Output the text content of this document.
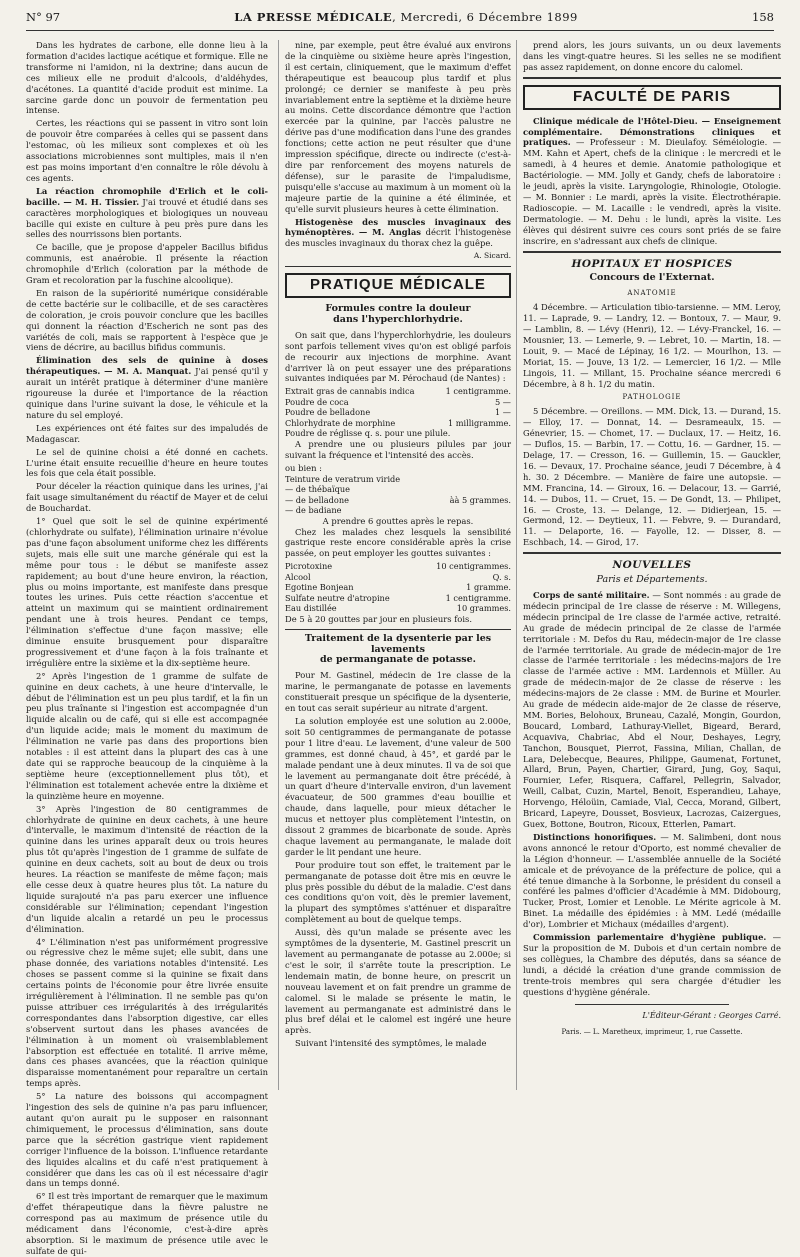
N° 97	LA PRESSE MÉDICALE, Mercredi, 6 Décembre 1899	158

Dans les hydrates de carbone, elle donne lieu à la formation d'acides lactique acétique et formique. Elle ne transforme ni l'amidon, ni la dextrine; dans aucun de ces milieux elle ne produit d'alcools, d'aldéhydes, d'acétones. La quantité d'acide produit est minime. La sarcine garde donc un pouvoir de fermentation peu intense.

Certes, les réactions qui se passent in vitro sont loin de pouvoir être comparées à celles qui se passent dans l'estomac, où les milieux sont complexes et où les associations microbiennes sont multiples, mais il n'en est pas moins important d'en connaître le rôle dévolu à ces agents.

La réaction chromophile d'Erlich et le coli-bacille. — M. H. Tissier. J'ai trouvé et étudié dans ses caractères morphologiques et biologiques un nouveau bacille qui existe en culture à peu près pure dans les selles des nourrissons bien portants.

Ce bacille, que je propose d'appeler Bacillus bifidus communis, est anaérobie. Il présente la réaction chromophile d'Erlich (coloration par la méthode de Gram et recoloration par la fuschine alcoolique).

En raison de la supériorité numérique considérable de cette bactérie sur le colibacille, et de ses caractères de coloration, je crois pouvoir conclure que les bacilles qui donnent la réaction d'Escherich ne sont pas des variétés de coli, mais se rapportent à l'espèce que je viens de décrire, au bacillus bifidus communis.

Élimination des sels de quinine à doses thérapeutiques. — M. A. Manquat. J'ai pensé qu'il y aurait un intérêt pratique à déterminer d'une manière rigoureuse la durée et l'importance de la réaction quinique dans l'urine suivant la dose, le véhicule et la nature du sel employé.

Les expériences ont été faites sur des impaludés de Madagascar.

Le sel de quinine choisi a été donné en cachets. L'urine était ensuite recueillie d'heure en heure toutes les fois que cela était possible.

Pour déceler la réaction quinique dans les urines, j'ai fait usage simultanément du réactif de Mayer et de celui de Bouchardat.

1° Quel que soit le sel de quinine expérimenté (chlorhydrate ou sulfate), l'élimination urinaire n'évolue pas d'une façon absolument uniforme chez les différents sujets, mais elle suit une marche générale qui est la même pour tous : le début se manifeste assez rapidement; au bout d'une heure environ, la réaction, plus ou moins importante, est manifeste dans presque toutes les urines. Puis cette réaction s'accentue et atteint un maximum qui se maintient ordinairement pendant une à trois heures. Pendant ce temps, l'élimination s'effectue d'une façon massive; elle diminue ensuite brusquement pour disparaître progressivement et d'une façon à la fois traînante et irrégulière entre la sixième et la dix-septième heure.

2° Après l'ingestion de 1 gramme de sulfate de quinine en deux cachets, à une heure d'intervalle, le début de l'élimination est un peu plus tardif, et la fin un peu plus traînante si l'ingestion est accompagnée d'un liquide alcalin ou de café, qui si elle est accompagnée d'un liquide acide; mais le moment du maximum de l'élimination ne varie pas dans des proportions bien notables : il est atteint dans la plupart des cas à une date qui se rapproche beaucoup de la cinquième à la septième heure (exceptionnellement plus tôt), et l'élimination est totalement achevée entre la dixième et la quinzième heure en moyenne.

3° Après l'ingestion de 80 centigrammes de chlorhydrate de quinine en deux cachets, à une heure d'intervalle, le maximum d'intensité de réaction de la quinine dans les urines apparaît deux ou trois heures plus tôt qu'après l'ingestion de 1 gramme de sulfate de quinine en deux cachets, soit au bout de deux ou trois heures. La réaction se manifeste de même façon; mais elle cesse deux à quatre heures plus tôt. La nature du liquide surajouté n'a pas paru exercer une influence considérable sur l'élimination; cependant l'ingestion d'un liquide alcalin a retardé un peu le processus d'élimination.

4° L'élimination n'est pas uniformément progressive ou régressive chez le même sujet; elle subit, dans une phase donnée, des variations notables d'intensité. Les choses se passent comme si la quinine se fixait dans certains points de l'économie pour être livrée ensuite irrégulièrement à l'élimination. Il ne semble pas qu'on puisse attribuer ces irrégularités à des irrégularités correspondantes dans l'absorption digestive, car elles s'observent surtout dans les phases avancées de l'élimination à un moment où vraisemblablement l'absorption est effectuée en totalité. Il arrive même, dans ces phases avancées, que la réaction quinique disparaisse momentanément pour reparaître un certain temps après.

5° La nature des boissons qui accompagnent l'ingestion des sels de quinine n'a pas paru influencer, autant qu'on aurait pu le supposer en raisonnant chimiquement, le processus d'élimination, sans doute parce que la sécrétion gastrique vient rapidement corriger l'influence de la boisson. L'influence retardante des liquides alcalins et du café n'est pratiquement à considérer que dans les cas où il est nécessaire d'agir dans un temps donné.

6° Il est très important de remarquer que le maximum d'effet thérapeutique dans la fièvre palustre ne correspond pas au maximum de présence utile du médicament dans l'économie, c'est-à-dire après absorption. Si le maximum de présence utile avec le sulfate de qui-

nine, par exemple, peut être évalué aux environs de la cinquième ou sixième heure après l'ingestion, il est certain, cliniquement, que le maximum d'effet thérapeutique est beaucoup plus tardif et plus prolongé; ce dernier se manifeste à peu près invariablement entre la septième et la dixième heure au moins. Cette discordance démontre que l'action exercée par la quinine, par l'accès palustre ne dérive pas d'une modification dans l'une des grandes fonctions; cette action ne peut résulter que d'une impression spécifique, directe ou indirecte (c'est-à-dire par renforcement des moyens naturels de défense), sur le parasite de l'impaludisme, puisqu'elle s'accuse au maximum à un moment où la majeure partie de la quinine a été éliminée, et qu'elle survit plusieurs heures à cette élimination.

Histogenèse des muscles invaginaux des hyménoptères. — M. Anglas décrit l'histogenèse des muscles invaginaux du thorax chez la guêpe.

A. Sicard.
PRATIQUE MÉDICALE
Formules contre la douleur
dans l'hyperchlorhydrie.

On sait que, dans l'hyperchlorhydrie, les douleurs sont parfois tellement vives qu'on est obligé parfois de recourir aux injections de morphine. Avant d'arriver là on peut essayer une des préparations suivantes indiquées par M. Pérochaud (de Nantes) :

Extrait gras de cannabis indica	1 centigramme.
Poudre de coca	5 —
Poudre de belladone	1 —
Chlorhydrate de morphine	1 milligramme.
Poudre de réglisse q. s. pour une pilule.

A prendre une ou plusieurs pilules par jour suivant la fréquence et l'intensité des accès.

ou bien :
Teinture de veratrum viride
— de thébaïque
— de belladone	àà 5 grammes.
— de badiane
A prendre 6 gouttes après le repas.

Chez les malades chez lesquels la sensibilité gastrique reste encore considérable après la crise passée, on peut employer les gouttes suivantes :

Picrotoxine	10 centigrammes.
Alcool	Q. s.
Egotine Bonjean	1 gramme.
Sulfate neutre d'atropine	1 centigramme.
Eau distillée	10 grammes.
De 5 à 20 gouttes par jour en plusieurs fois.
Traitement de la dysenterie par les lavements
de permanganate de potasse.

Pour M. Gastinel, médecin de 1re classe de la marine, le permanganate de potasse en lavements constituerait presque un spécifique de la dysenterie, en tout cas serait supérieur au nitrate d'argent.

La solution employée est une solution au 2.000e, soit 50 centigrammes de permanganate de potasse pour 1 litre d'eau. Le lavement, d'une valeur de 500 grammes, est donné chaud, à 45°, et gardé par le malade pendant une à deux minutes. Il va de soi que le lavement au permanganate doit être précédé, à un quart d'heure d'intervalle environ, d'un lavement évacuateur, de 500 grammes d'eau bouillie et chaude, dans laquelle, pour mieux détacher le mucus et nettoyer plus complètement l'intestin, on dissout 2 grammes de bicarbonate de soude. Après chaque lavement au permanganate, le malade doit garder le lit pendant une heure.

Pour produire tout son effet, le traitement par le permanganate de potasse doit être mis en œuvre le plus près possible du début de la maladie. C'est dans ces conditions qu'on voit, dès le premier lavement, la plupart des symptômes s'atténuer et disparaître complètement au bout de quelque temps.

Aussi, dès qu'un malade se présente avec les symptômes de la dysenterie, M. Gastinel prescrit un lavement au permanganate de potasse au 2.000e; si c'est le soir, il s'arrête toute la prescription. Le lendemain matin, de bonne heure, on prescrit un nouveau lavement et on fait prendre un gramme de calomel. Si le malade se présente le matin, le lavement au permanganate est administré dans le plus bref délai et le calomel est ingéré une heure après.

Suivant l'intensité des symptômes, le malade

prend alors, les jours suivants, un ou deux lavements dans les vingt-quatre heures. Si les selles ne se modifient pas assez rapidement, on donne encore du calomel.

FACULTÉ DE PARIS

Clinique médicale de l'Hôtel-Dieu. — Enseignement complémentaire. Démonstrations cliniques et pratiques. — Professeur : M. Dieulafoy. Séméiologie. — MM. Kahn et Apert, chefs de la clinique : le mercredi et le samedi, à 4 heures et demie. Anatomie pathologique et Bactériologie. — MM. Jolly et Gandy, chefs de laboratoire : le jeudi, après la visite. Laryngologie, Rhinologie, Otologie. — M. Bonnier : Le mardi, après la visite. Électrothérapie. Radioscopie. — M. Lacaille : le vendredi, après la visite. Dermatologie. — M. Dehu : le lundi, après la visite. Les élèves qui désirent suivre ces cours sont priés de se faire inscrire, en s'adressant aux chefs de clinique.

HOPITAUX ET HOSPICES
Concours de l'Externat.
ANATOMIE

4 Décembre. — Articulation tibio-tarsienne. — MM. Leroy, 11. — Laprade, 9. — Landry, 12. — Bontoux, 7. — Maur, 9. — Lamblin, 8. — Lévy (Henri), 12. — Lévy-Franckel, 16. — Mousnier, 13. — Lemerle, 9. — Lebret, 10. — Martin, 18. — Louit, 9. — Macé de Lépinay, 16 1/2. — Mourlhon, 13. — Moriat, 15. — Jouve, 13 1/2. — Lemercier, 16 1/2. — Mlle Lingois, 11. — Millant, 15. Prochaine séance mercredi 6 Décembre, à 8 h. 1/2 du matin.

PATHOLOGIE

5 Décembre. — Oreillons. — MM. Dick, 13. — Durand, 15. — Elloy, 17. — Donnat, 14. — Desrameaulx, 15. — Génevrier, 15. — Chomet, 17. — Duclaux, 17. — Heitz, 16. — Duflos, 15. — Barbin, 17. — Cottu, 16. — Gardner, 15. — Delage, 17. — Cresson, 16. — Guillemin, 15. — Gauckler, 16. — Devaux, 17. Prochaine séance, jeudi 7 Décembre, à 4 h. 30. 2 Décembre. — Manière de faire une autopsie. — MM. Francina, 14. — Giroux, 16. — Delacour, 13. — Garrié, 14. — Dubos, 11. — Cruet, 15. — De Gondt, 13. — Philipet, 16. — Croste, 13. — Delange, 12. — Didierjean, 15. — Germond, 12. — Deytieux, 11. — Febvre, 9. — Durandard, 11. — Delaporte, 16. — Fayolle, 12. — Disser, 8. — Eschbach, 14. — Girod, 17.

NOUVELLES
Paris et Départements.

Corps de santé militaire. — Sont nommés : au grade de médecin principal de 1re classe de réserve : M. Willegens, médecin principal de 1re classe de l'armée active, retraité. Au grade de médecin principal de 2e classe de l'armée territoriale : M. Defos du Rau, médecin-major de 1re classe de l'armée territoriale. Au grade de médecin-major de 1re classe de l'armée territoriale : les médecins-majors de 1re classe de l'armée active : MM. Lardennois et Müller. Au grade de médecin-major de 2e classe de réserve : les médecins-majors de 2e classe : MM. de Burine et Mourler. Au grade de médecin aide-major de 2e classe de réserve, MM. Bories, Belohoux, Bruneau, Cazalé, Mongin, Gourdon, Boucard, Lombard, Lathuray-Viellet, Bigeard, Berard, Acquaviva, Chabriac, Abd el Nour, Deshayes, Legry, Tanchon, Bousquet, Pierrot, Fassina, Milian, Challan, de Lara, Delebecque, Beaures, Philippe, Gaumenat, Fortunet, Allard, Brun, Payen, Chartier, Girard, Jung, Goy, Saqui, Fournier, Lefer, Risquera, Caffarel, Pellegrin, Salvador, Weill, Calbat, Cuzin, Martel, Benoit, Esperandieu, Lahaye, Horvengo, Héloüin, Camiade, Vial, Cecca, Morand, Gilbert, Bricard, Lapeyre, Dousset, Bosvieux, Lacrozas, Caizergues, Guex, Bottone, Boutron, Ricoux, Etterlen, Pamart.

Distinctions honorifiques. — M. Salimbeni, dont nous avons annoncé le retour d'Oporto, est nommé chevalier de la Légion d'honneur. — L'assemblée annuelle de la Société amicale et de prévoyance de la préfecture de police, qui a été tenue dimanche à la Sorbonne, le président du conseil a conféré les palmes d'officier d'Académie à MM. Didobourg, Tucker, Prost, Lomier et Lenoble. Le Mérite agricole à M. Binet. La médaille des épidémies : à MM. Ledé (médaille d'or), Lombrier et Michaux (médailles d'argent).

Commission parlementaire d'hygiène publique. — Sur la proposition de M. Dubois et d'un certain nombre de ses collègues, la Chambre des députés, dans sa séance de lundi, a décidé la création d'une grande commission de trente-trois membres qui sera chargée d'étudier les questions d'hygiène générale.

L'Éditeur-Gérant : Georges Carré.
Paris. — L. Maretheux, imprimeur, 1, rue Cassette.
